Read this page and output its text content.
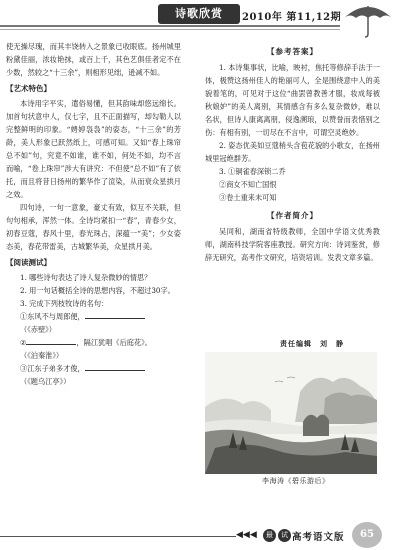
诗歌欣赏	2010年 第11,12期

使无操尽瑰，而其丰饶转入之景象已收眼底。扬州城里粉黛佳丽，浓妆艳抹，或百上千，其色艺俱佳者定不在少数，然较之“十三余”，则相形见绌，逊减不如。

【艺术特色】

本诗用字平实，遣俗易懂，但其韵味却悠远绵长。加首句状意中人，仅七字，且不正面描写，却勾勒人以完整鲜明的印象。“娉婷袅袅”的姿态，“十三余”的芳龄，美人形象已跃然纸上，可感可知。又如“春上珠帘总不如”句，究竟不如谁，谁不如，何处不如，均不言而喻，“卷上珠帘”涉大有讲究：不但使“总不如”有了依托，而且将昔日扬州的繁华作了渲染，从而衰众星拱月之效。

四句诗，一句一意象，豪丈有致，似互不关联，但句句相承，浑然一体。全诗均紧扣一“春”，青春少女，初春豆蔻，春风十里，春光珠占，深蕴一“美”；少女姿态美，春花带雷美，古城繁华美，众星拱月美。

【阅读测试】

1. 哪些诗句表达了诗人复杂微妙的情思？

2. 用一句话概括全诗的思想内容，不超过30字。

3. 完成下列枝牧诗的名句：

①东风不与周郎便，

（《赤壁》）

②	，隔江犹唱《后庭花》。

（《泊秦淮》）

③江东子弟多才俊，

（《题乌江亭》）

【参考答案】

1. 本诗集事状，比喻，映衬，焦托等修辞手法于一体，极赞这扬州佳人的艳丽可人，全是围绕意中人的美貌着笔的，可见对于这位“曲罢曾教善才服，妆成每被秋娘妒”的美人离别，其情感含有多么复杂微妙，难以名状，但诗人康离离朋，侵逸溯琅，以赞誉而表惜别之伤：有相有别，一切尽在不言中，可谓空灵绝妙。

2. 姿态优美如豆蔻梢头含苞花貌的小歌女，在扬州城里冠绝群芳。

3. ①铜雀春深锁二乔

②商女不知亡国恨

③卷土重来未可知

【作者简介】

吴同和，湖南省特级教师，全国中学语文优秀教师，湖南科技学院客座教授。研究方向：诗词鉴赏，修辞无研究，高考作文研究，培资培训。发表文章多篇。

责任编辑　刘　静
李海涛《碧乐游后》
◀◀◀	最	试 高考语文版	65
